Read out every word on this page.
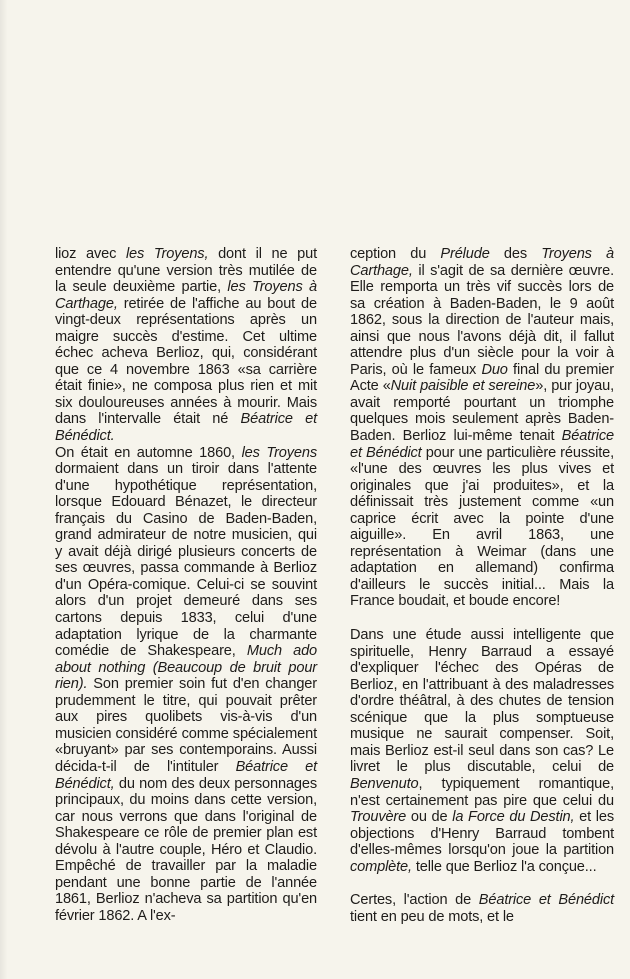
lioz avec les Troyens, dont il ne put entendre qu'une version très mutilée de la seule deuxième partie, les Troyens à Carthage, retirée de l'affiche au bout de vingt-deux représentations après un maigre succès d'estime. Cet ultime échec acheva Berlioz, qui, considérant que ce 4 novembre 1863 «sa carrière était finie», ne composa plus rien et mit six douloureuses années à mourir. Mais dans l'intervalle était né Béatrice et Bénédict.

On était en automne 1860, les Troyens dormaient dans un tiroir dans l'attente d'une hypothétique représentation, lorsque Edouard Bénazet, le directeur français du Casino de Baden-Baden, grand admirateur de notre musicien, qui y avait déjà dirigé plusieurs concerts de ses œuvres, passa commande à Berlioz d'un Opéra-comique. Celui-ci se souvint alors d'un projet demeuré dans ses cartons depuis 1833, celui d'une adaptation lyrique de la charmante comédie de Shakespeare, Much ado about nothing (Beaucoup de bruit pour rien). Son premier soin fut d'en changer prudemment le titre, qui pouvait prêter aux pires quolibets vis-à-vis d'un musicien considéré comme spécialement «bruyant» par ses contemporains. Aussi décida-t-il de l'intituler Béatrice et Bénédict, du nom des deux personnages principaux, du moins dans cette version, car nous verrons que dans l'original de Shakespeare ce rôle de premier plan est dévolu à l'autre couple, Héro et Claudio. Empêché de travailler par la maladie pendant une bonne partie de l'année 1861, Berlioz n'acheva sa partition qu'en février 1862. A l'ex-

ception du Prélude des Troyens à Carthage, il s'agit de sa dernière œuvre. Elle remporta un très vif succès lors de sa création à Baden-Baden, le 9 août 1862, sous la direction de l'auteur mais, ainsi que nous l'avons déjà dit, il fallut attendre plus d'un siècle pour la voir à Paris, où le fameux Duo final du premier Acte «Nuit paisible et sereine», pur joyau, avait remporté pourtant un triomphe quelques mois seulement après Baden-Baden. Berlioz lui-même tenait Béatrice et Bénédict pour une particulière réussite, «l'une des œuvres les plus vives et originales que j'ai produites», et la définissait très justement comme «un caprice écrit avec la pointe d'une aiguille». En avril 1863, une représentation à Weimar (dans une adaptation en allemand) confirma d'ailleurs le succès initial... Mais la France boudait, et boude encore!

Dans une étude aussi intelligente que spirituelle, Henry Barraud a essayé d'expliquer l'échec des Opéras de Berlioz, en l'attribuant à des maladresses d'ordre théâtral, à des chutes de tension scénique que la plus somptueuse musique ne saurait compenser. Soit, mais Berlioz est-il seul dans son cas? Le livret le plus discutable, celui de Benvenuto, typiquement romantique, n'est certainement pas pire que celui du Trouvère ou de la Force du Destin, et les objections d'Henry Barraud tombent d'elles-mêmes lorsqu'on joue la partition complète, telle que Berlioz l'a conçue...

Certes, l'action de Béatrice et Bénédict tient en peu de mots, et le
